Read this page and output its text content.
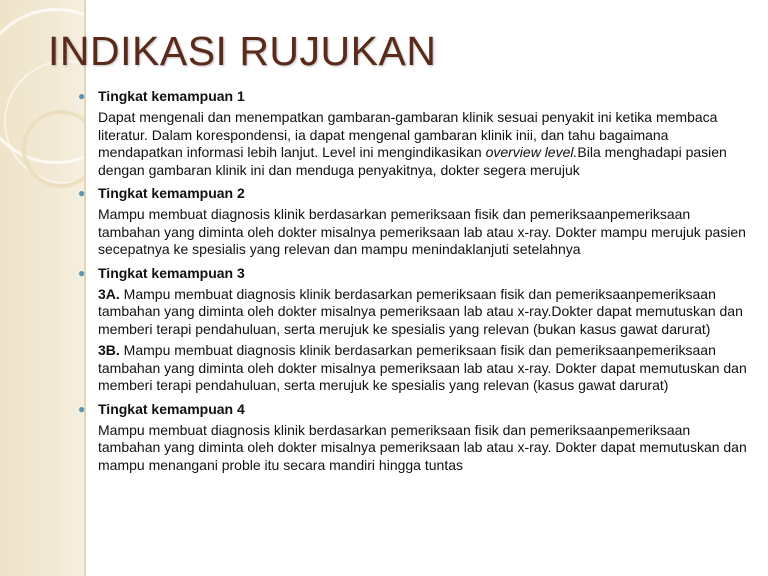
INDIKASI RUJUKAN
● Tingkat kemampuan 1

Dapat mengenali dan menempatkan gambaran-gambaran klinik sesuai penyakit ini ketika membaca literatur. Dalam korespondensi, ia dapat mengenal gambaran klinik inii, dan tahu bagaimana mendapatkan informasi lebih lanjut. Level ini mengindikasikan overview level.Bila menghadapi pasien dengan gambaran klinik ini dan menduga penyakitnya, dokter segera merujuk

● Tingkat kemampuan 2

Mampu membuat diagnosis klinik berdasarkan pemeriksaan fisik dan pemeriksaanpemeriksaan tambahan yang diminta oleh dokter misalnya pemeriksaan lab atau x-ray. Dokter mampu merujuk pasien secepatnya ke spesialis yang relevan dan mampu menindaklanjuti setelahnya

● Tingkat kemampuan 3

3A. Mampu membuat diagnosis klinik berdasarkan pemeriksaan fisik dan pemeriksaanpemeriksaan tambahan yang diminta oleh dokter misalnya pemeriksaan lab atau x-ray.Dokter dapat memutuskan dan memberi terapi pendahuluan, serta merujuk ke spesialis yang relevan (bukan kasus gawat darurat)

3B. Mampu membuat diagnosis klinik berdasarkan pemeriksaan fisik dan pemeriksaanpemeriksaan tambahan yang diminta oleh dokter misalnya pemeriksaan lab atau x-ray. Dokter dapat memutuskan dan memberi terapi pendahuluan, serta merujuk ke spesialis yang relevan (kasus gawat darurat)

● Tingkat kemampuan 4

Mampu membuat diagnosis klinik berdasarkan pemeriksaan fisik dan pemeriksaanpemeriksaan tambahan yang diminta oleh dokter misalnya pemeriksaan lab atau x-ray. Dokter dapat memutuskan dan mampu menangani proble itu secara mandiri hingga tuntas
